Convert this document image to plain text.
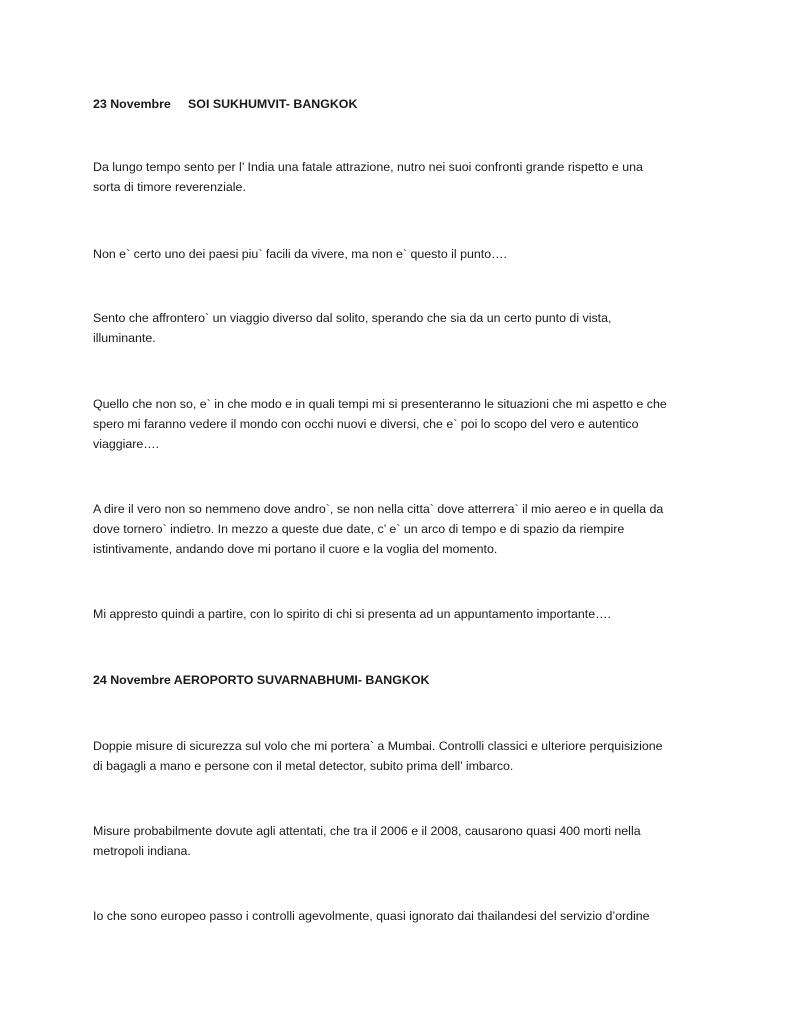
23 Novembre SOI SUKHUMVIT- BANGKOK
Da lungo tempo sento per l’ India una fatale attrazione, nutro nei suoi confronti grande rispetto e una
sorta di timore reverenziale.
Non e` certo uno dei paesi piu` facili da vivere, ma non e` questo il punto….
Sento che affrontero` un viaggio diverso dal solito, sperando che sia da un certo punto di vista,
illuminante.
Quello che non so, e` in che modo e in quali tempi mi si presenteranno le situazioni che mi aspetto e che
spero mi faranno vedere il mondo con occhi nuovi e diversi, che e` poi lo scopo del vero e autentico
viaggiare….
A dire il vero non so nemmeno dove andro`, se non nella citta` dove atterrera` il mio aereo e in quella da
dove tornero` indietro. In mezzo a queste due date, c’ e` un arco di tempo e di spazio da riempire
istintivamente, andando dove mi portano il cuore e la voglia del momento.
Mi appresto quindi a partire, con lo spirito di chi si presenta ad un appuntamento importante….
24 Novembre AEROPORTO SUVARNABHUMI- BANGKOK
Doppie misure di sicurezza sul volo che mi portera` a Mumbai. Controlli classici e ulteriore perquisizione
di bagagli a mano e persone con il metal detector, subito prima dell’ imbarco.
Misure probabilmente dovute agli attentati, che tra il 2006 e il 2008, causarono quasi 400 morti nella
metropoli indiana.
Io che sono europeo passo i controlli agevolmente, quasi ignorato dai thailandesi del servizio d’ordine
